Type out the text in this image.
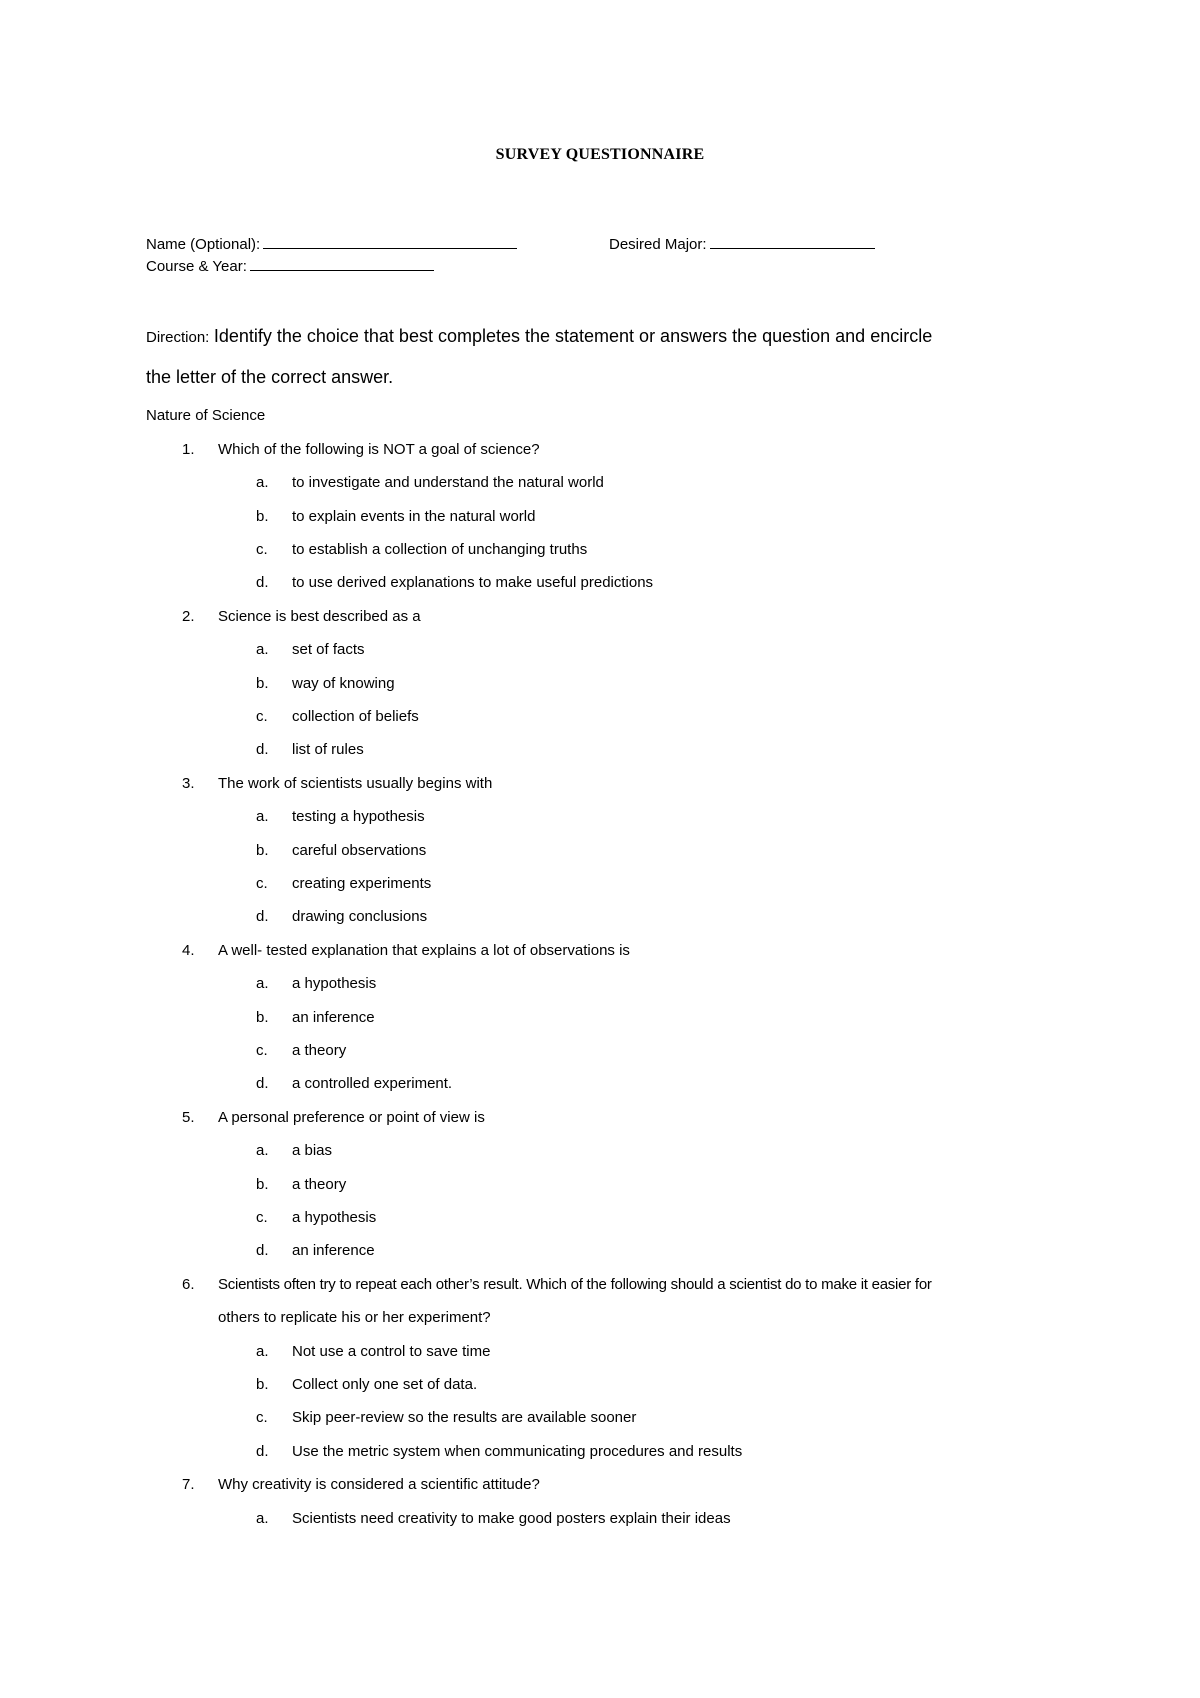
SURVEY QUESTIONNAIRE
Name (Optional):	Desired Major:
Course & Year:
Direction: Identify the choice that best completes the statement or answers the question and encircle
the letter of the correct answer.
Nature of Science
1. Which of the following is NOT a goal of science?
a. to investigate and understand the natural world
b. to explain events in the natural world
c. to establish a collection of unchanging truths
d. to use derived explanations to make useful predictions
2. Science is best described as a
a. set of facts
b. way of knowing
c. collection of beliefs
d. list of rules
3. The work of scientists usually begins with
a. testing a hypothesis
b. careful observations
c. creating experiments
d. drawing conclusions
4. A well- tested explanation that explains a lot of observations is
a. a hypothesis
b. an inference
c. a theory
d. a controlled experiment.
5. A personal preference or point of view is
a. a bias
b. a theory
c. a hypothesis
d. an inference
6. Scientists often try to repeat each other’s result. Which of the following should a scientist do to make it easier for
others to replicate his or her experiment?
a. Not use a control to save time
b. Collect only one set of data.
c. Skip peer-review so the results are available sooner
d. Use the metric system when communicating procedures and results
7. Why creativity is considered a scientific attitude?
a. Scientists need creativity to make good posters explain their ideas
